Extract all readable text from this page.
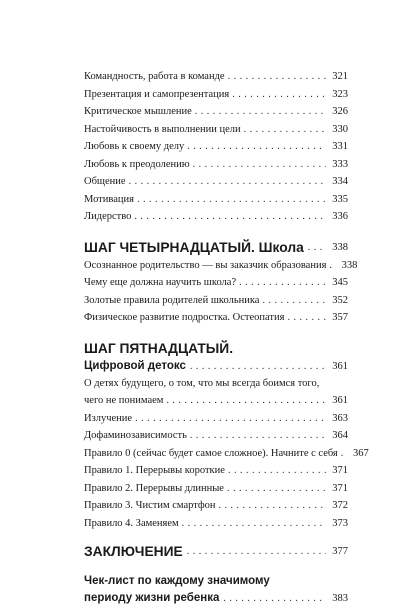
Командность, работа в команде . . .	321
Презентация и самопрезентация . . .	323
Критическое мышление . . .	326
Настойчивость в выполнении цели . . .	330
Любовь к своему делу . . .	331
Любовь к преодолению . . .	333
Общение . . .	334
Мотивация . . .	335
Лидерство . . .	336
ШАГ ЧЕТЫРНАДЦАТЫЙ. Школа . . .	338
Осознанное родительство — вы заказчик образования . . .	338
Чему еще должна научить школа? . . .	345
Золотые правила родителей школьника . . .	352
Физическое развитие подростка. Остеопатия . . .	357
ШАГ ПЯТНАДЦАТЫЙ.
Цифровой детокс . . .	361
О детях будущего, о том, что мы всегда боимся того,
чего не понимаем . . .	361
Излучение . . .	363
Дофаминозависимость . . .	364
Правило 0 (сейчас будет самое сложное). Начните с себя . . .	367
Правило 1. Перерывы короткие . . .	371
Правило 2. Перерывы длинные . . .	371
Правило 3. Чистим смартфон . . .	372
Правило 4. Заменяем . . .	373
ЗАКЛЮЧЕНИЕ . . .	377
Чек-лист по каждому значимому
периоду жизни ребенка . . .	383
